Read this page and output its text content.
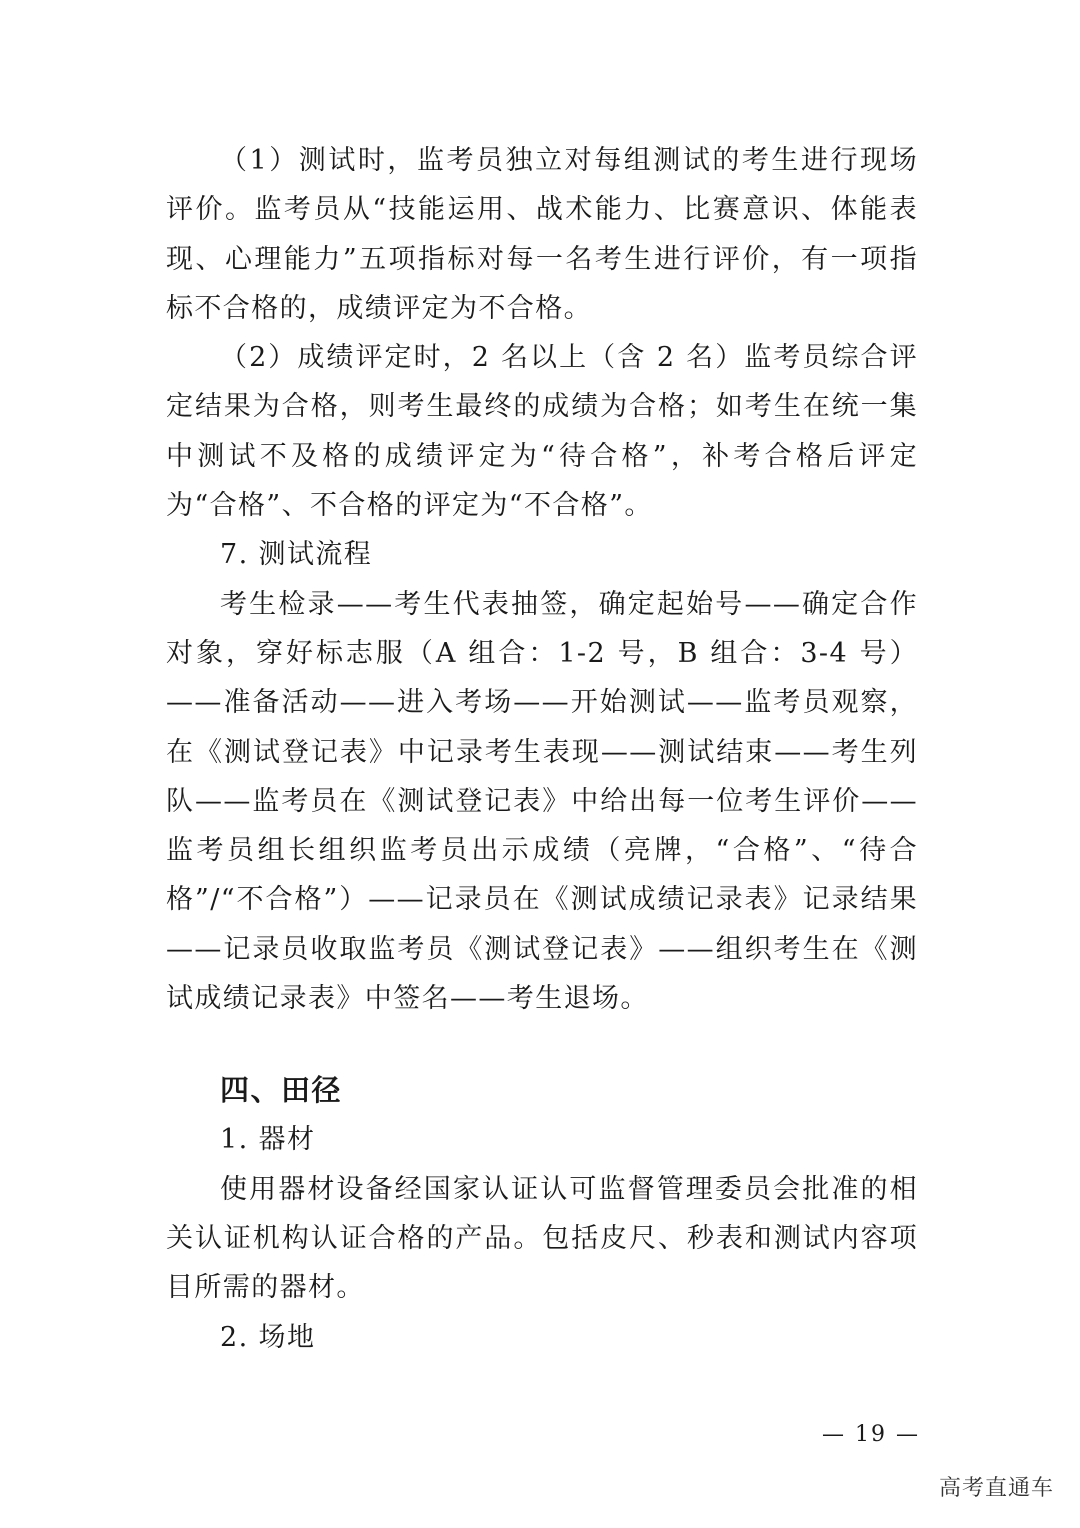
（1）测试时，监考员独立对每组测试的考生进行现场评价。监考员从“技能运用、战术能力、比赛意识、体能表现、心理能力”五项指标对每一名考生进行评价，有一项指标不合格的，成绩评定为不合格。

（2）成绩评定时，2 名以上（含 2 名）监考员综合评定结果为合格，则考生最终的成绩为合格；如考生在统一集中测试不及格的成绩评定为“待合格”，补考合格后评定为“合格”、不合格的评定为“不合格”。

7. 测试流程

考生检录——考生代表抽签，确定起始号——确定合作对象，穿好标志服（A 组合：1-2 号，B 组合：3-4 号）——准备活动——进入考场——开始测试——监考员观察，在《测试登记表》中记录考生表现——测试结束——考生列队——监考员在《测试登记表》中给出每一位考生评价——监考员组长组织监考员出示成绩（亮牌，“合格”、“待合格”/“不合格”）——记录员在《测试成绩记录表》记录结果——记录员收取监考员《测试登记表》——组织考生在《测试成绩记录表》中签名——考生退场。

四、田径

1. 器材

使用器材设备经国家认证认可监督管理委员会批准的相关认证机构认证合格的产品。包括皮尺、秒表和测试内容项目所需的器材。

2. 场地

— 19 —
高考直通车
